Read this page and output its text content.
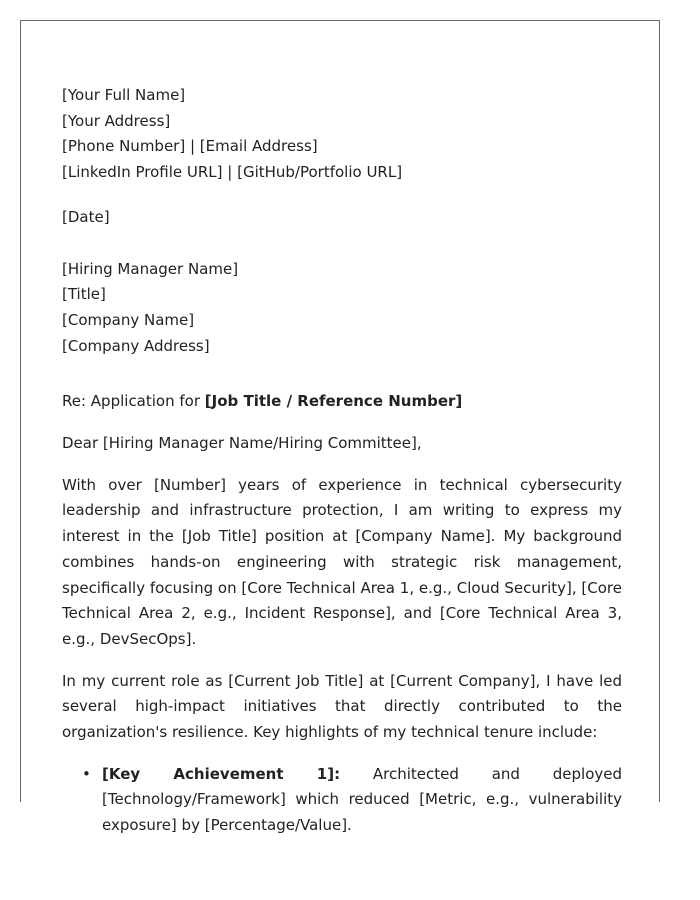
[Your Full Name]
[Your Address]
[Phone Number] | [Email Address]
[LinkedIn Profile URL] | [GitHub/Portfolio URL]
[Date]
[Hiring Manager Name]
[Title]
[Company Name]
[Company Address]
Re: Application for [Job Title / Reference Number]
Dear [Hiring Manager Name/Hiring Committee],

With over [Number] years of experience in technical cybersecurity leadership and infrastructure protection, I am writing to express my interest in the [Job Title] position at [Company Name]. My background combines hands-on engineering with strategic risk management, specifically focusing on [Core Technical Area 1, e.g., Cloud Security], [Core Technical Area 2, e.g., Incident Response], and [Core Technical Area 3, e.g., DevSecOps].

In my current role as [Current Job Title] at [Current Company], I have led several high-impact initiatives that directly contributed to the organization's resilience. Key highlights of my technical tenure include:

• [Key Achievement 1]: Architected and deployed [Technology/Framework] which reduced [Metric, e.g., vulnerability exposure] by [Percentage/Value].
